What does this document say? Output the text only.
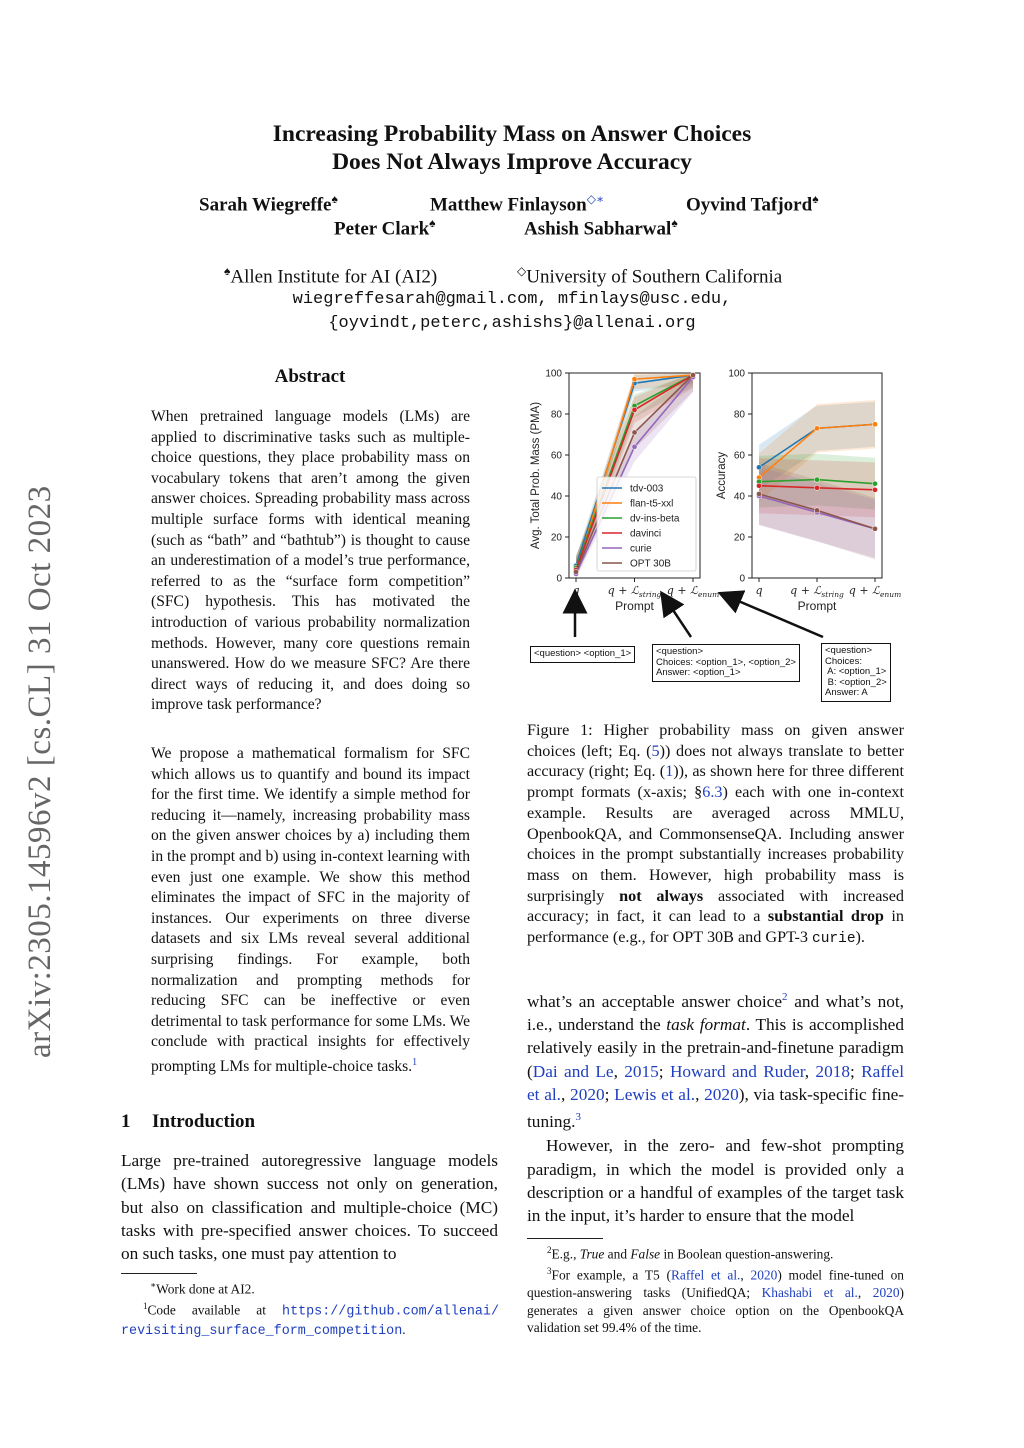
arXiv:2305.14596v2 [cs.CL] 31 Oct 2023
Increasing Probability Mass on Answer Choices
Does Not Always Improve Accuracy
Sarah Wiegreffe♠	Matthew Finlayson◇∗	Oyvind Tafjord♠
Peter Clark♠	Ashish Sabharwal♠
♠Allen Institute for AI (AI2)	◇University of Southern California
wiegreffesarah@gmail.com, mfinlays@usc.edu,
{oyvindt,peterc,ashishs}@allenai.org
Abstract
When pretrained language models (LMs) are applied to discriminative tasks such as multiple-choice questions, they place probability mass on vocabulary tokens that aren’t among the given answer choices. Spreading probability mass across multiple surface forms with identical meaning (such as “bath” and “bathtub”) is thought to cause an underestimation of a model’s true performance, referred to as the “surface form competition” (SFC) hypothesis. This has motivated the introduction of various probability normalization methods. However, many core questions remain unanswered. How do we measure SFC? Are there direct ways of reducing it, and does doing so improve task performance?
We propose a mathematical formalism for SFC which allows us to quantify and bound its impact for the first time. We identify a simple method for reducing it—namely, increasing probability mass on the given answer choices by a) including them in the prompt and b) using in-context learning with even just one example. We show this method eliminates the impact of SFC in the majority of instances. Our experiments on three diverse datasets and six LMs reveal several additional surprising findings. For example, both normalization and prompting methods for reducing SFC can be ineffective or even detrimental to task performance for some LMs. We conclude with practical insights for effectively prompting LMs for multiple-choice tasks.$^1$
1 Introduction
Large pre-trained autoregressive language models (LMs) have shown success not only on generation, but also on classification and multiple-choice (MC) tasks with pre-specified answer choices. To succeed on such tasks, one must pay attention to
∗Work done at AI2.
$^1$Code available at https://github.com/allenai/
revisiting_surface_form_competition.
0
20
40
60
80
100
q	q + ℒ$_{string}$ q + ℒ$_{enum}$
Prompt
Avg. Total Prob. Mass (PMA)
0
20
40
60
80
100
q	q + ℒ$_{string}$ q + ℒ$_{enum}$
Prompt
Accuracy
tdv-003
flan-t5-xxl
dv-ins-beta
davinci
curie
OPT 30B
<question> <option_1>	<question>
Choices: <option_1>, <option_2>
Answer: <option_1>
<question>
Choices:
A: <option_1>
B: <option_2>
Answer: A
Figure 1: Higher probability mass on given answer choices (left; Eq. (5)) does not always translate to better accuracy (right; Eq. (1)), as shown here for three different prompt formats (x-axis; §6.3) each with one in-context example. Results are averaged across MMLU, OpenbookQA, and CommonsenseQA. Including answer choices in the prompt substantially increases probability mass on them. However, high probability mass is surprisingly not always associated with increased accuracy; in fact, it can lead to a substantial drop in performance (e.g., for OPT 30B and GPT-3 curie).
what’s an acceptable answer choice$^2$ and what’s not, i.e., understand the task format. This is accomplished relatively easily in the pretrain-and-finetune paradigm (Dai and Le, 2015; Howard and Ruder, 2018; Raffel et al., 2020; Lewis et al., 2020), via task-specific fine-tuning.$^3$
However, in the zero- and few-shot prompting paradigm, in which the model is provided only a description or a handful of examples of the target task in the input, it’s harder to ensure that the model
$^2$E.g., True and False in Boolean question-answering.
$^3$For example, a T5 (Raffel et al., 2020) model fine-tuned on question-answering tasks (UnifiedQA; Khashabi et al., 2020) generates a given answer choice option on the OpenbookQA validation set 99.4% of the time.
